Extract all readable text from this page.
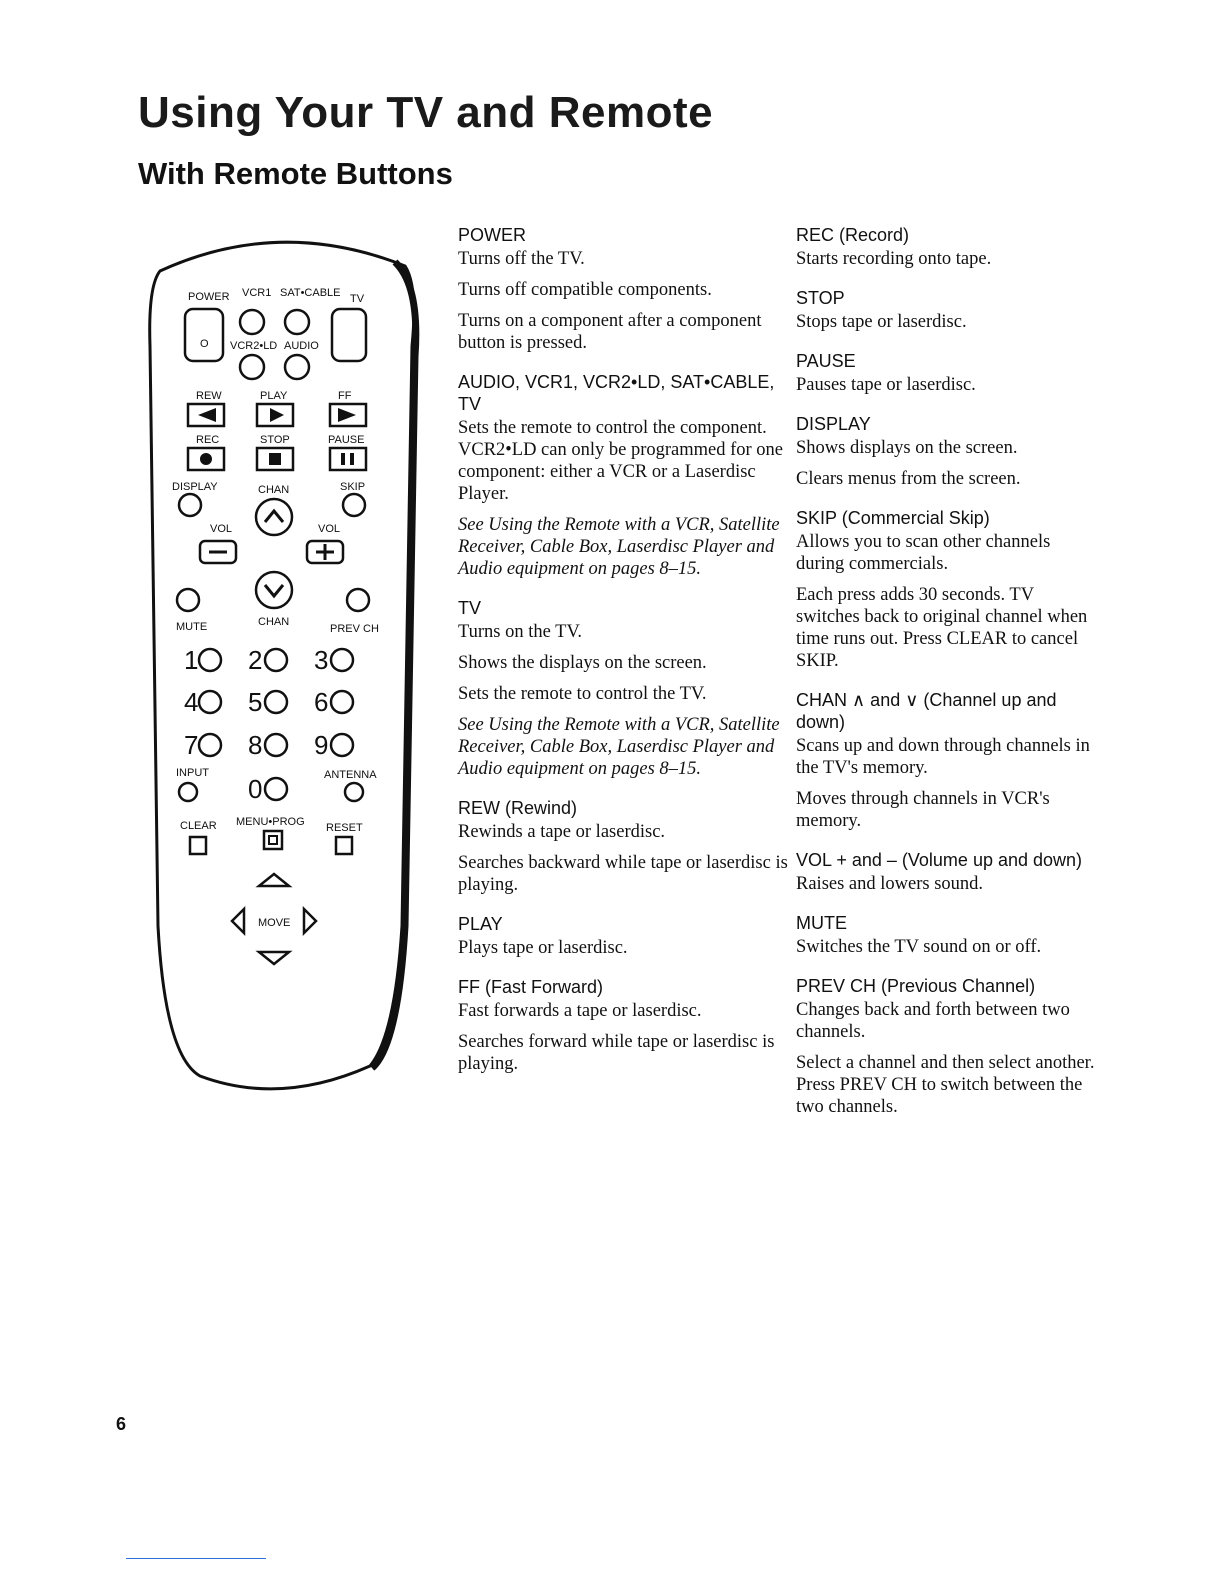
Using Your TV and Remote
With Remote Buttons
POWER VCR1 SAT•CABLE TV
O VCR2•LD AUDIO
REW	PLAY	FF
REC	STOP	PAUSE
DISPLAY	CHAN	SKIP
VOL	VOL
MUTE	CHAN
PREV CH
1 2 3
4 5 6
7 8 9
INPUT
0	ANTENNA
CLEAR MENU•PROG RESET
MOVE
POWER
Turns off the TV.
Turns off compatible components.
Turns on a component after a component button is pressed.
AUDIO, VCR1, VCR2•LD, SAT•CABLE, TV
Sets the remote to control the component. VCR2•LD can only be programmed for one component: either a VCR or a Laserdisc Player.
See Using the Remote with a VCR, Satellite Receiver, Cable Box, Laserdisc Player and Audio equipment on pages 8–15.
TV
Turns on the TV.
Shows the displays on the screen.
Sets the remote to control the TV.
See Using the Remote with a VCR, Satellite Receiver, Cable Box, Laserdisc Player and Audio equipment on pages 8–15.
REW (Rewind)
Rewinds a tape or laserdisc.
Searches backward while tape or laserdisc is playing.
PLAY
Plays tape or laserdisc.
FF (Fast Forward)
Fast forwards a tape or laserdisc.
Searches forward while tape or laserdisc is playing.
REC (Record)
Starts recording onto tape.
STOP
Stops tape or laserdisc.
PAUSE
Pauses tape or laserdisc.
DISPLAY
Shows displays on the screen.
Clears menus from the screen.
SKIP (Commercial Skip)
Allows you to scan other channels during commercials.
Each press adds 30 seconds. TV switches back to original channel when time runs out. Press CLEAR to cancel SKIP.
CHAN ∧ and ∨ (Channel up and down)
Scans up and down through channels in the TV's memory.
Moves through channels in VCR's memory.
VOL + and – (Volume up and down)
Raises and lowers sound.
MUTE
Switches the TV sound on or off.
PREV CH (Previous Channel)
Changes back and forth between two channels.
Select a channel and then select another. Press PREV CH to switch between the two channels.
6
